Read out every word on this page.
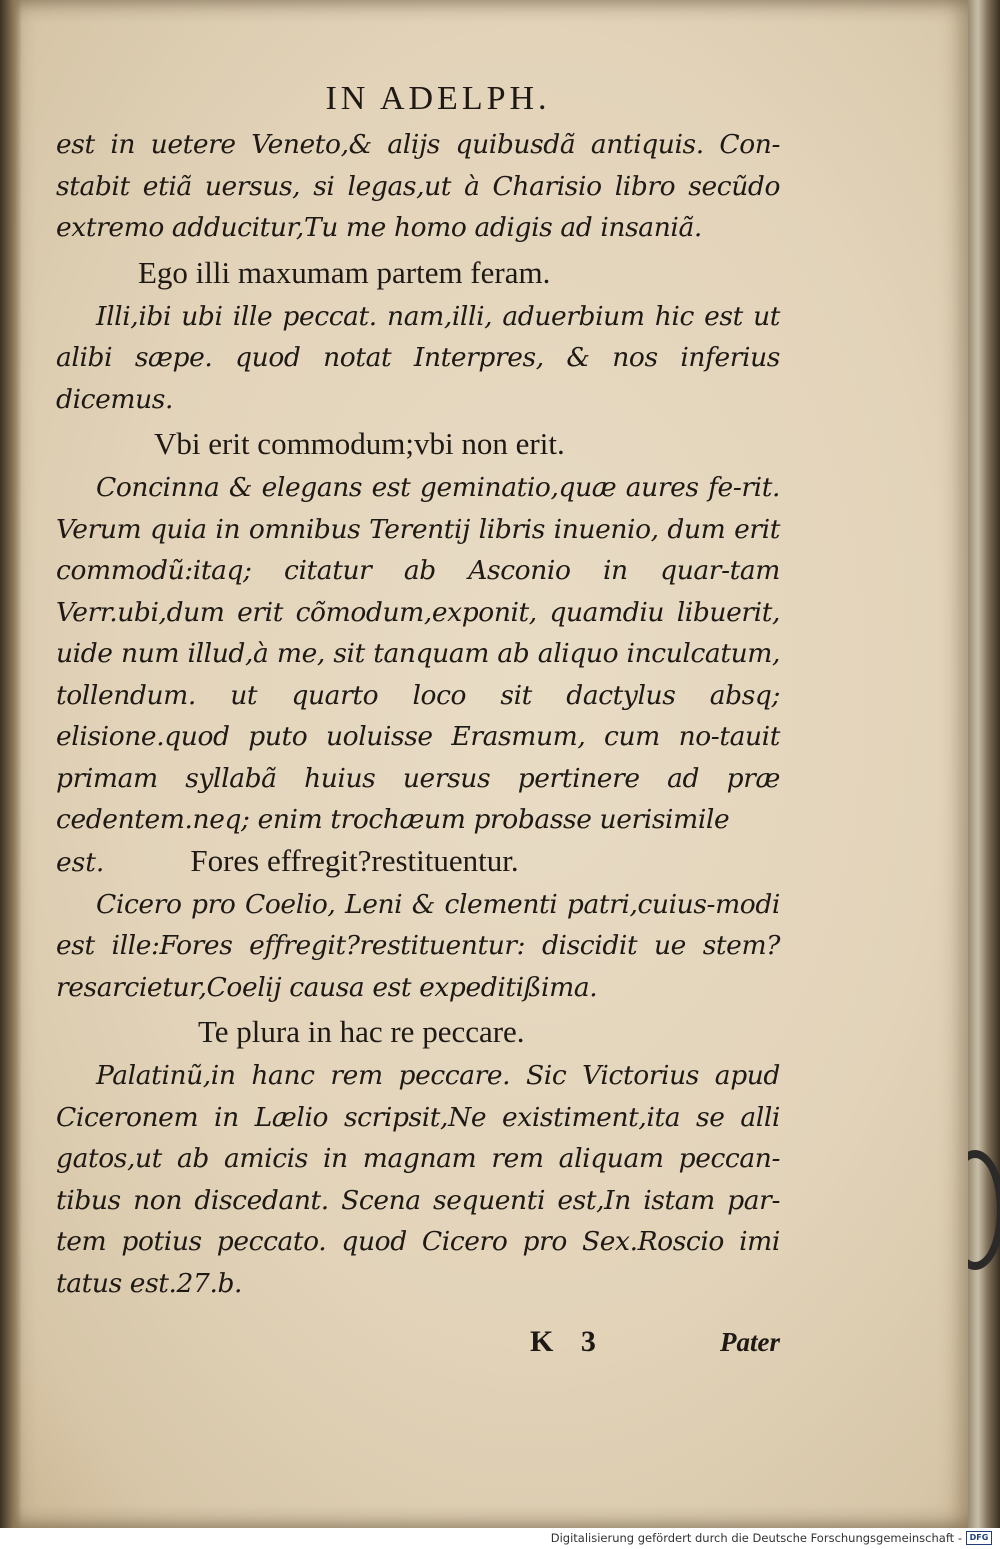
IN ADELPH.

est in uetere Veneto,& alijs quibusdã antiquis. Con-stabit etiã uersus, si legas,ut à Charisio libro secũdo extremo adducitur,Tu me homo adigis ad insaniã.

Ego illi maxumam partem feram.

Illi,ibi ubi ille peccat. nam,illi, aduerbium hic est ut alibi sæpe. quod notat Interpres, & nos inferius dicemus.

Vbi erit commodum;vbi non erit.

Concinna & elegans est geminatio,quæ aures fe-rit. Verum quia in omnibus Terentij libris inuenio, dum erit commodũ:itaq; citatur ab Asconio in quar-tam Verr.ubi,dum erit cõmodum,exponit, quamdiu libuerit, uide num illud,à me, sit tanquam ab aliquo inculcatum, tollendum. ut quarto loco sit dactylus absq; elisione.quod puto uoluisse Erasmum, cum no-tauit primam syllabã huius uersus pertinere ad præ cedentem.neq; enim trochæum probasse uerisimile

est.	Fores effregit?restituentur.

Cicero pro Coelio, Leni & clementi patri,cuius-modi est ille:Fores effregit?restituentur: discidit ue stem?resarcietur,Coelij causa est expeditißima.

Te plura in hac re peccare.

Palatinũ,in hanc rem peccare. Sic Victorius apud Ciceronem in Lælio scripsit,Ne existiment,ita se alli gatos,ut ab amicis in magnam rem aliquam peccan-tibus non discedant. Scena sequenti est,In istam par-tem potius peccato. quod Cicero pro Sex.Roscio imi tatus est.27.b.

K 3	Pater
Digitalisierung gefördert durch die Deutsche Forschungsgemeinschaft - DFG
